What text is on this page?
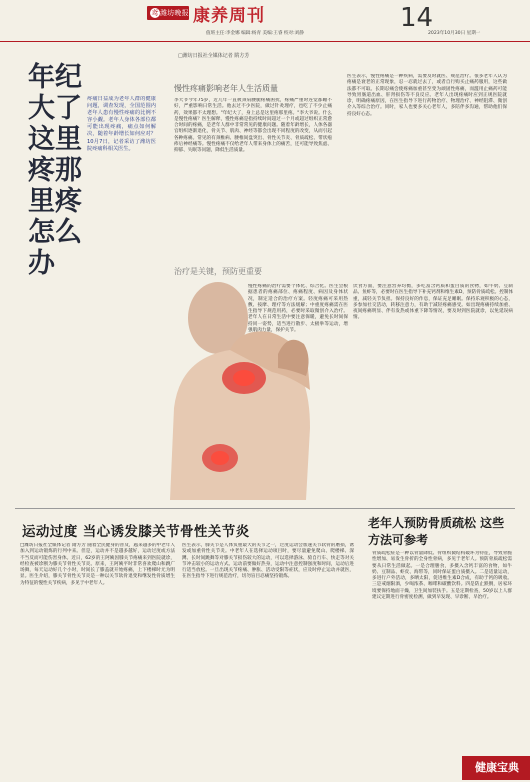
鸢 潍坊晚报 康养周刊	14
值班主任:李金娜 编辑:杨青 美编:王睿 校对:刘静	2023年10月30日 星期一
□潍坊日报社全媒体记者 隋方芳
年纪大了 这里疼那里疼怎么办
疼痛日益成为老年人群的健康问题，调查发现，全国范围内老年人患有慢性疼痛的比例不容小觑。老年人身体各部位都可能出现疼痛，痛点如何解决，随着年龄增长如何应对？10月7日，记者采访了潍坊医院疼痛科相关医生。
慢性疼痛影响老年人生活质量
李大爷今年75岁，近几年一直被颈肩腰腿疼痛困扰，疼痛严重时连觉都睡不好，严重影响日常生活。他去过不少医院，做过针灸理疗，也吃了不少止痛药，效果都不太理想。"年纪大了，身上总是这里疼那里疼。"李大爷说。什么是慢性疼痛？医生解释，慢性疼痛是指持续时间超过一个月或超过组织正常愈合时间的疼痛，是老年人群中非常常见的健康问题。随着年龄增长，人体各器官组织逐渐退化，骨关节、肌肉、神经等都会出现不同程度的改变，从而引起各种疼痛。常见的有颈椎病、腰椎间盘突出、骨性关节炎、骨质疏松、带状疱疹后神经痛等。慢性疼痛不仅给老年人带来身体上的痛苦，还可能导致焦虑、抑郁、失眠等问题，降低生活质量。
医生表示，慢性疼痛是一种疾病，需要及时就医、规范治疗。很多老年人认为疼痛是衰老的正常现象，忍一忍就过去了，或者自行购买止痛药服用，这些做法都不可取。长期忍痛会使疼痛加重甚至变为顽固性疼痛，而滥用止痛药可能导致胃肠道出血、肝肾损伤等不良反应。老年人出现疼痛时应到正规医院就诊，明确疼痛原因，在医生指导下进行药物治疗、物理治疗、神经阻滞、微创介入等综合治疗。同时，家人也要多关心老年人，多陪伴多沟通，帮助他们保持良好心态。
治疗是关键，预防更重要
慢性疼痛的治疗需要个体化、综合化。医生会根据患者的疼痛部位、疼痛程度、病因及身体状况，制定适合的治疗方案。轻度疼痛可采用热敷、按摩、理疗等方法缓解；中重度疼痛需在医生指导下规范用药，必要时采取微创介入治疗。老年人在日常生活中要注意保暖，避免长时间保持同一姿势，适当进行散步、太极拳等运动，增强肌肉力量，保护关节。
饮食方面，要注意营养均衡，多吃富含钙质和蛋白质的食物，如牛奶、豆制品、鱼虾等，必要时在医生指导下补充钙剂和维生素D，预防骨质疏松。控制体重，减轻关节负担。保持良好的作息，保证充足睡眠。保持乐观积极的心态，多参加社交活动，转移注意力，有助于减轻疼痛感受。如出现疼痛持续加重、夜间疼痛明显、伴有发热或体重下降等情况，要及时到医院就诊，以免延误病情。
运动过度 当心诱发膝关节骨性关节炎
□潍坊日报社全媒体记者 隋方芳 随着全民健身的普及，越来越多的中老年人加入到运动锻炼的行列中来。但是，运动并不是越多越好，运动过度或方法不当反而可能伤害身体。近日，62岁的王阿姨因膝关节疼痛来到医院就诊，经检查被诊断为膝关节骨性关节炎。原来，王阿姨平时非常喜欢爬山和跳广场舞，每天运动好几个小时，时间长了膝盖就开始疼痛，上下楼梯时尤为明显。医生介绍，膝关节骨性关节炎是一种以关节软骨退变和继发性骨质增生为特征的慢性关节疾病，多见于中老年人。
医生表示，膝关节是人体负重最大的关节之一，过度运动会加速关节软骨的磨损，诱发或加重骨性关节炎。中老年人在选择运动项目时，要尽量避免爬山、爬楼梯、深蹲、长时间跳舞等对膝关节损伤较大的运动，可以选择游泳、骑自行车、快走等对关节冲击较小的运动方式。运动前要做好热身，运动中注意控制强度和时间，运动后进行适当放松。一旦出现关节疼痛、肿胀、活动受限等症状，应及时停止运动并就医，在医生指导下进行规范治疗，切勿盲目忍痛坚持锻炼。
老年人预防骨质疏松 这些方法可参考
骨质疏松症是一种以骨量降低、骨组织微结构破坏为特征，导致骨脆性增加、易发生骨折的全身性骨病，多见于老年人。预防骨质疏松需要从日常生活做起。一是合理膳食，多摄入含钙丰富的食物，如牛奶、豆制品、虾皮、海带等，同时保证蛋白质摄入。二是适量运动，多进行户外活动，多晒太阳，促进维生素D合成，有助于钙的吸收。三是戒烟限酒，少喝浓茶、咖啡和碳酸饮料。四是防止跌倒，居家环境要保持地面干燥，卫生间加装扶手。五是定期检查，50岁以上人群建议定期进行骨密度检测，做到早发现、早诊断、早治疗。
健康宝典
